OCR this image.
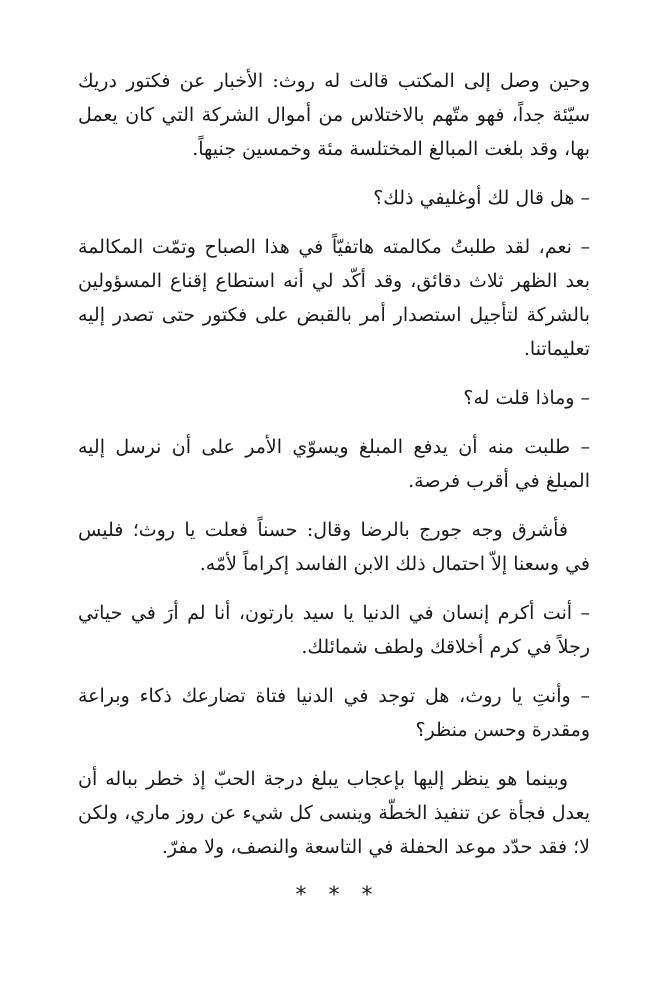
وحين وصل إلى المكتب قالت له روث: الأخبار عن فكتور دريك سيّئة جداً، فهو متّهم بالاختلاس من أموال الشركة التي كان يعمل بها، وقد بلغت المبالغ المختلسة مئة وخمسين جنيهاً.

– هل قال لك أوغليفي ذلك؟

– نعم، لقد طلبتُ مكالمته هاتفيّاً في هذا الصباح وتمّت المكالمة بعد الظهر ثلاث دقائق، وقد أكّد لي أنه استطاع إقناع المسؤولين بالشركة لتأجيل استصدار أمر بالقبض على فكتور حتى تصدر إليه تعليماتنا.

– وماذا قلت له؟

– طلبت منه أن يدفع المبلغ ويسوّي الأمر على أن نرسل إليه المبلغ في أقرب فرصة.

فأشرق وجه جورج بالرضا وقال: حسناً فعلت يا روث؛ فليس في وسعنا إلاّ احتمال ذلك الابن الفاسد إكراماً لأمّه.

– أنت أكرم إنسان في الدنيا يا سيد بارتون، أنا لم أرَ في حياتي رجلاً في كرم أخلاقك ولطف شمائلك.

– وأنتِ يا روث، هل توجد في الدنيا فتاة تضارعك ذكاء وبراعة ومقدرة وحسن منظر؟

وبينما هو ينظر إليها بإعجاب يبلغ درجة الحبّ إذ خطر بباله أن يعدل فجأة عن تنفيذ الخطّة وينسى كل شيء عن روز ماري، ولكن لا؛ فقد حدّد موعد الحفلة في التاسعة والنصف، ولا مفرّ.

***
